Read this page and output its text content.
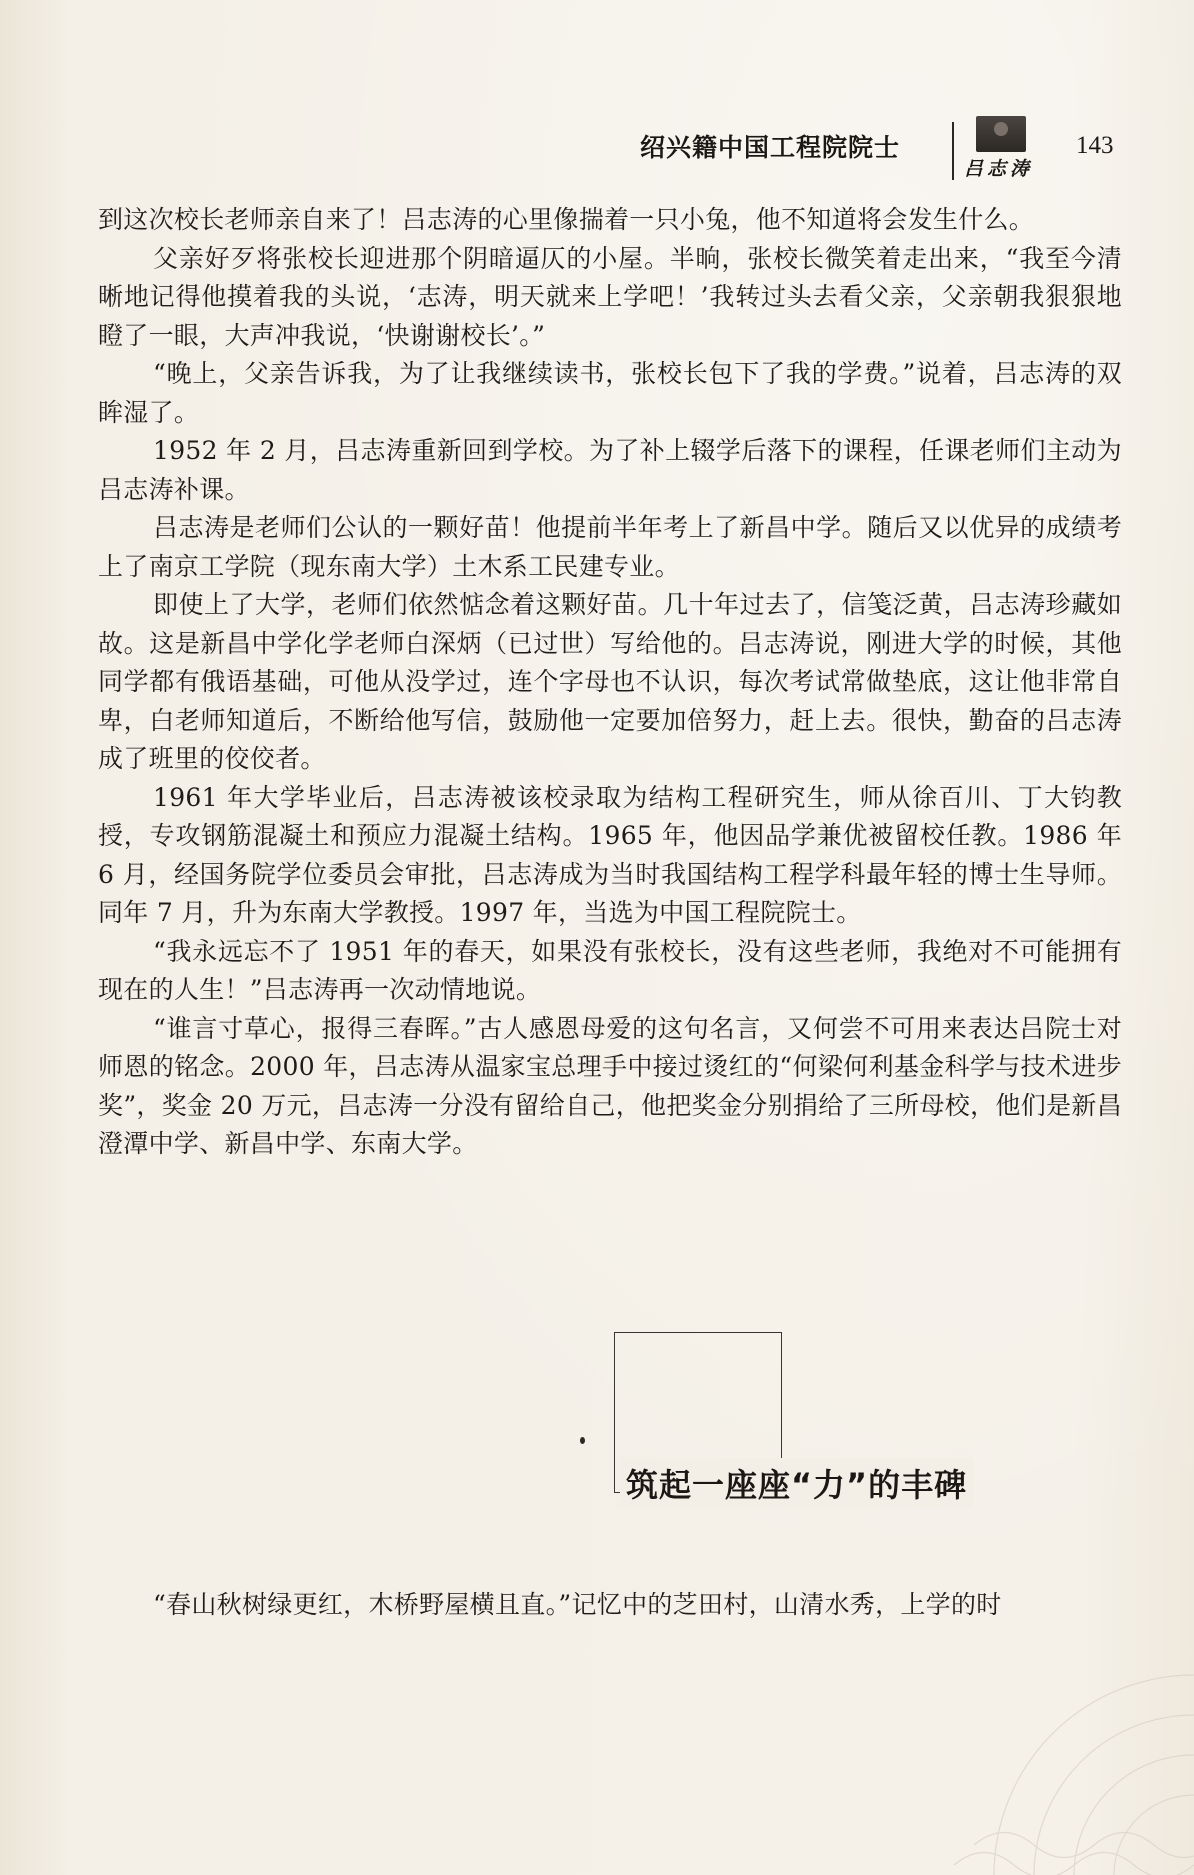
绍兴籍中国工程院院士
吕志涛
143

到这次校长老师亲自来了！吕志涛的心里像揣着一只小兔，他不知道将会发生什么。

父亲好歹将张校长迎进那个阴暗逼仄的小屋。半晌，张校长微笑着走出来，“我至今清晰地记得他摸着我的头说，‘志涛，明天就来上学吧！’我转过头去看父亲，父亲朝我狠狠地瞪了一眼，大声冲我说，‘快谢谢校长’。”

“晚上，父亲告诉我，为了让我继续读书，张校长包下了我的学费。”说着，吕志涛的双眸湿了。

1952 年 2 月，吕志涛重新回到学校。为了补上辍学后落下的课程，任课老师们主动为吕志涛补课。

吕志涛是老师们公认的一颗好苗！他提前半年考上了新昌中学。随后又以优异的成绩考上了南京工学院（现东南大学）土木系工民建专业。

即使上了大学，老师们依然惦念着这颗好苗。几十年过去了，信笺泛黄，吕志涛珍藏如故。这是新昌中学化学老师白深炳（已过世）写给他的。吕志涛说，刚进大学的时候，其他同学都有俄语基础，可他从没学过，连个字母也不认识，每次考试常做垫底，这让他非常自卑，白老师知道后，不断给他写信，鼓励他一定要加倍努力，赶上去。很快，勤奋的吕志涛成了班里的佼佼者。

1961 年大学毕业后，吕志涛被该校录取为结构工程研究生，师从徐百川、丁大钧教授，专攻钢筋混凝土和预应力混凝土结构。1965 年，他因品学兼优被留校任教。1986 年 6 月，经国务院学位委员会审批，吕志涛成为当时我国结构工程学科最年轻的博士生导师。同年 7 月，升为东南大学教授。1997 年，当选为中国工程院院士。

“我永远忘不了 1951 年的春天，如果没有张校长，没有这些老师，我绝对不可能拥有现在的人生！”吕志涛再一次动情地说。

“谁言寸草心，报得三春晖。”古人感恩母爱的这句名言，又何尝不可用来表达吕院士对师恩的铭念。2000 年，吕志涛从温家宝总理手中接过烫红的“何梁何利基金科学与技术进步奖”，奖金 20 万元，吕志涛一分没有留给自己，他把奖金分别捐给了三所母校，他们是新昌澄潭中学、新昌中学、东南大学。

筑起一座座“力”的丰碑

“春山秋树绿更红，木桥野屋横且直。”记忆中的芝田村，山清水秀，上学的时
